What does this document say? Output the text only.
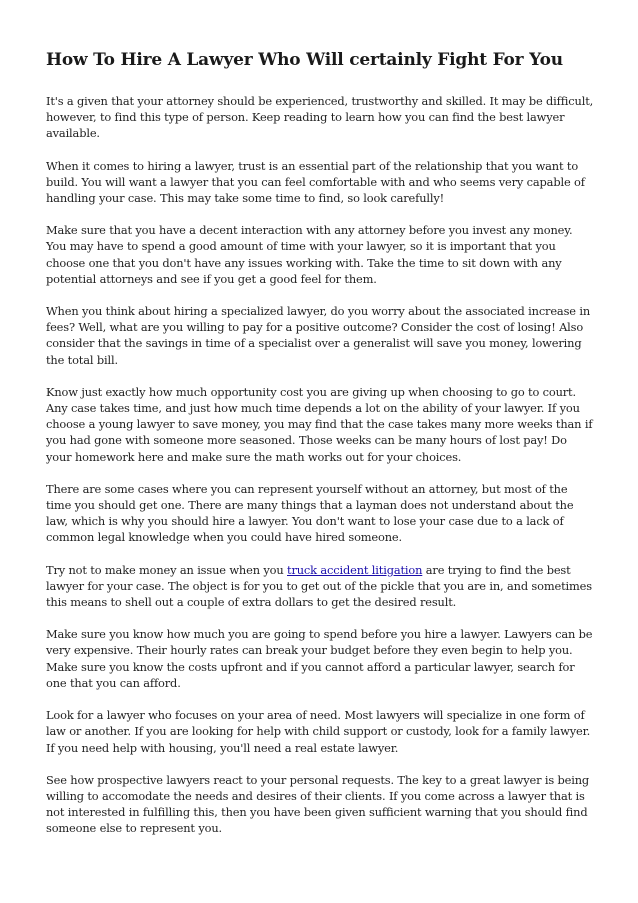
How To Hire A Lawyer Who Will certainly Fight For You

It's a given that your attorney should be experienced, trustworthy and skilled. It may be difficult, however, to find this type of person. Keep reading to learn how you can find the best lawyer available.

When it comes to hiring a lawyer, trust is an essential part of the relationship that you want to build. You will want a lawyer that you can feel comfortable with and who seems very capable of handling your case. This may take some time to find, so look carefully!

Make sure that you have a decent interaction with any attorney before you invest any money. You may have to spend a good amount of time with your lawyer, so it is important that you choose one that you don't have any issues working with. Take the time to sit down with any potential attorneys and see if you get a good feel for them.

When you think about hiring a specialized lawyer, do you worry about the associated increase in fees? Well, what are you willing to pay for a positive outcome? Consider the cost of losing! Also consider that the savings in time of a specialist over a generalist will save you money, lowering the total bill.

Know just exactly how much opportunity cost you are giving up when choosing to go to court. Any case takes time, and just how much time depends a lot on the ability of your lawyer. If you choose a young lawyer to save money, you may find that the case takes many more weeks than if you had gone with someone more seasoned. Those weeks can be many hours of lost pay! Do your homework here and make sure the math works out for your choices.

There are some cases where you can represent yourself without an attorney, but most of the time you should get one. There are many things that a layman does not understand about the law, which is why you should hire a lawyer. You don't want to lose your case due to a lack of common legal knowledge when you could have hired someone.

Try not to make money an issue when you truck accident litigation are trying to find the best lawyer for your case. The object is for you to get out of the pickle that you are in, and sometimes this means to shell out a couple of extra dollars to get the desired result.

Make sure you know how much you are going to spend before you hire a lawyer. Lawyers can be very expensive. Their hourly rates can break your budget before they even begin to help you. Make sure you know the costs upfront and if you cannot afford a particular lawyer, search for one that you can afford.

Look for a lawyer who focuses on your area of need. Most lawyers will specialize in one form of law or another. If you are looking for help with child support or custody, look for a family lawyer. If you need help with housing, you'll need a real estate lawyer.

See how prospective lawyers react to your personal requests. The key to a great lawyer is being willing to accomodate the needs and desires of their clients. If you come across a lawyer that is not interested in fulfilling this, then you have been given sufficient warning that you should find someone else to represent you.
